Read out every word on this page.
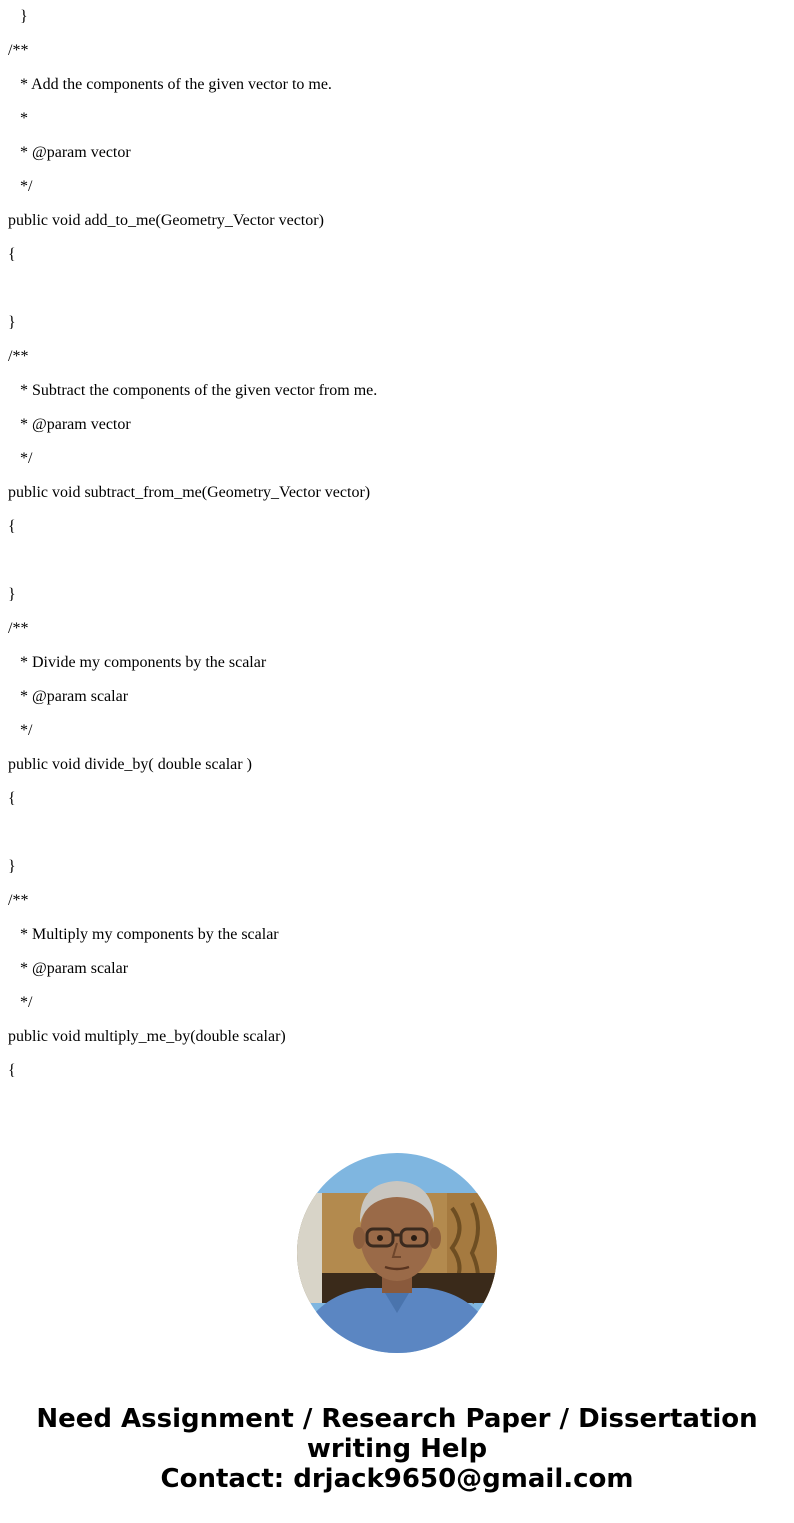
}
/**
* Add the components of the given vector to me.
*
* @param vector
*/
public void add_to_me(Geometry_Vector vector)
{
}
/**
* Subtract the components of the given vector from me.
* @param vector
*/
public void subtract_from_me(Geometry_Vector vector)
{
}
/**
* Divide my components by the scalar
* @param scalar
*/
public void divide_by( double scalar )
{
}
/**
* Multiply my components by the scalar
* @param scalar
*/
public void multiply_me_by(double scalar)
{
Need Assignment / Research Paper / Dissertation
writing Help
Contact: drjack9650@gmail.com
